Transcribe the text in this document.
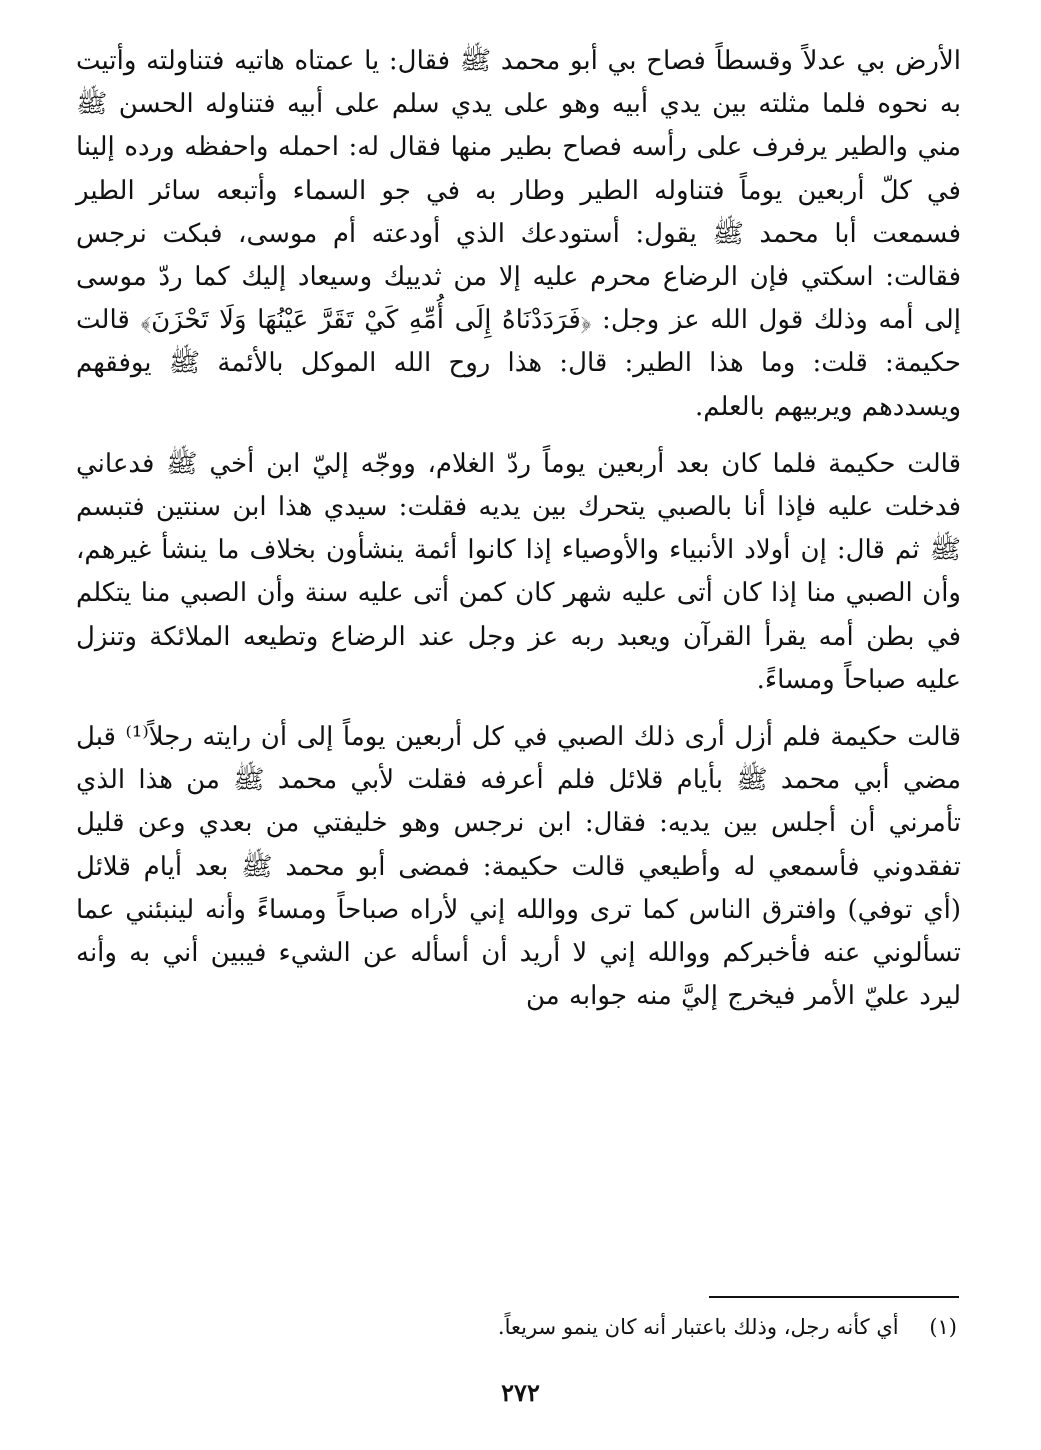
الأرض بي عدلاً وقسطاً فصاح بي أبو محمد ﷺ فقال: يا عمتاه هاتيه فتناولته وأتيت به نحوه فلما مثلته بين يدي أبيه وهو على يدي سلم على أبيه فتناوله الحسن ﷺ مني والطير يرفرف على رأسه فصاح بطير منها فقال له: احمله واحفظه ورده إلينا في كلّ أربعين يوماً فتناوله الطير وطار به في جو السماء وأتبعه سائر الطير فسمعت أبا محمد ﷺ يقول: أستودعك الذي أودعته أم موسى، فبكت نرجس فقالت: اسكتي فإن الرضاع محرم عليه إلا من ثدييك وسيعاد إليك كما ردّ موسى إلى أمه وذلك قول الله عز وجل: ﴿فَرَدَدْنَاهُ إِلَى أُمِّهِ كَيْ تَقَرَّ عَيْنُهَا وَلَا تَحْزَنَ﴾ قالت حكيمة: قلت: وما هذا الطير: قال: هذا روح الله الموكل بالأئمة ﷺ يوفقهم ويسددهم ويربيهم بالعلم.

قالت حكيمة فلما كان بعد أربعين يوماً ردّ الغلام، ووجّه إليّ ابن أخي ﷺ فدعاني فدخلت عليه فإذا أنا بالصبي يتحرك بين يديه فقلت: سيدي هذا ابن سنتين فتبسم ﷺ ثم قال: إن أولاد الأنبياء والأوصياء إذا كانوا أئمة ينشأون بخلاف ما ينشأ غيرهم، وأن الصبي منا إذا كان أتى عليه شهر كان كمن أتى عليه سنة وأن الصبي منا يتكلم في بطن أمه يقرأ القرآن ويعبد ربه عز وجل عند الرضاع وتطيعه الملائكة وتنزل عليه صباحاً ومساءً.

قالت حكيمة فلم أزل أرى ذلك الصبي في كل أربعين يوماً إلى أن رايته رجلاً⁽¹⁾ قبل مضي أبي محمد ﷺ بأيام قلائل فلم أعرفه فقلت لأبي محمد ﷺ من هذا الذي تأمرني أن أجلس بين يديه: فقال: ابن نرجس وهو خليفتي من بعدي وعن قليل تفقدوني فأسمعي له وأطيعي قالت حكيمة: فمضى أبو محمد ﷺ بعد أيام قلائل (أي توفي) وافترق الناس كما ترى ووالله إني لأراه صباحاً ومساءً وأنه لينبئني عما تسألوني عنه فأخبركم ووالله إني لا أريد أن أسأله عن الشيء فيبين أني به وأنه ليرد عليّ الأمر فيخرج إليَّ منه جوابه من

(١) أي كأنه رجل، وذلك باعتبار أنه كان ينمو سريعاً.
٢٧٢
